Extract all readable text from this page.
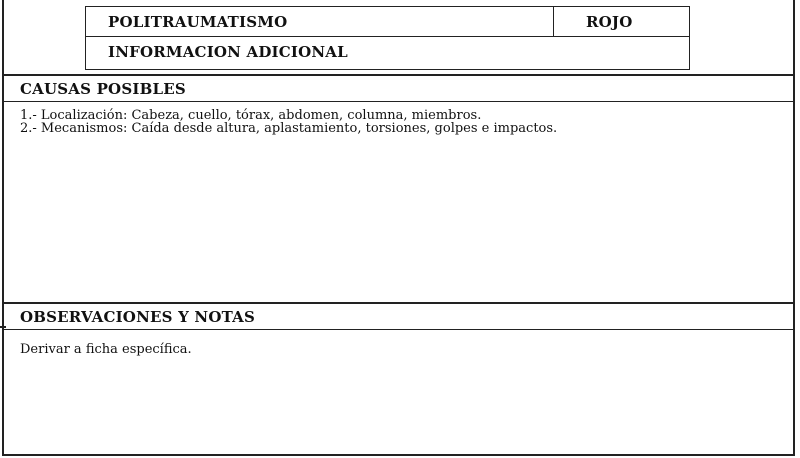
POLITRAUMATISMO	ROJO
INFORMACION ADICIONAL
CAUSAS POSIBLES
1.- Localización: Cabeza, cuello, tórax, abdomen, columna, miembros.
2.- Mecanismos: Caída desde altura, aplastamiento, torsiones, golpes e impactos.
OBSERVACIONES Y NOTAS
Derivar a ficha específica.
